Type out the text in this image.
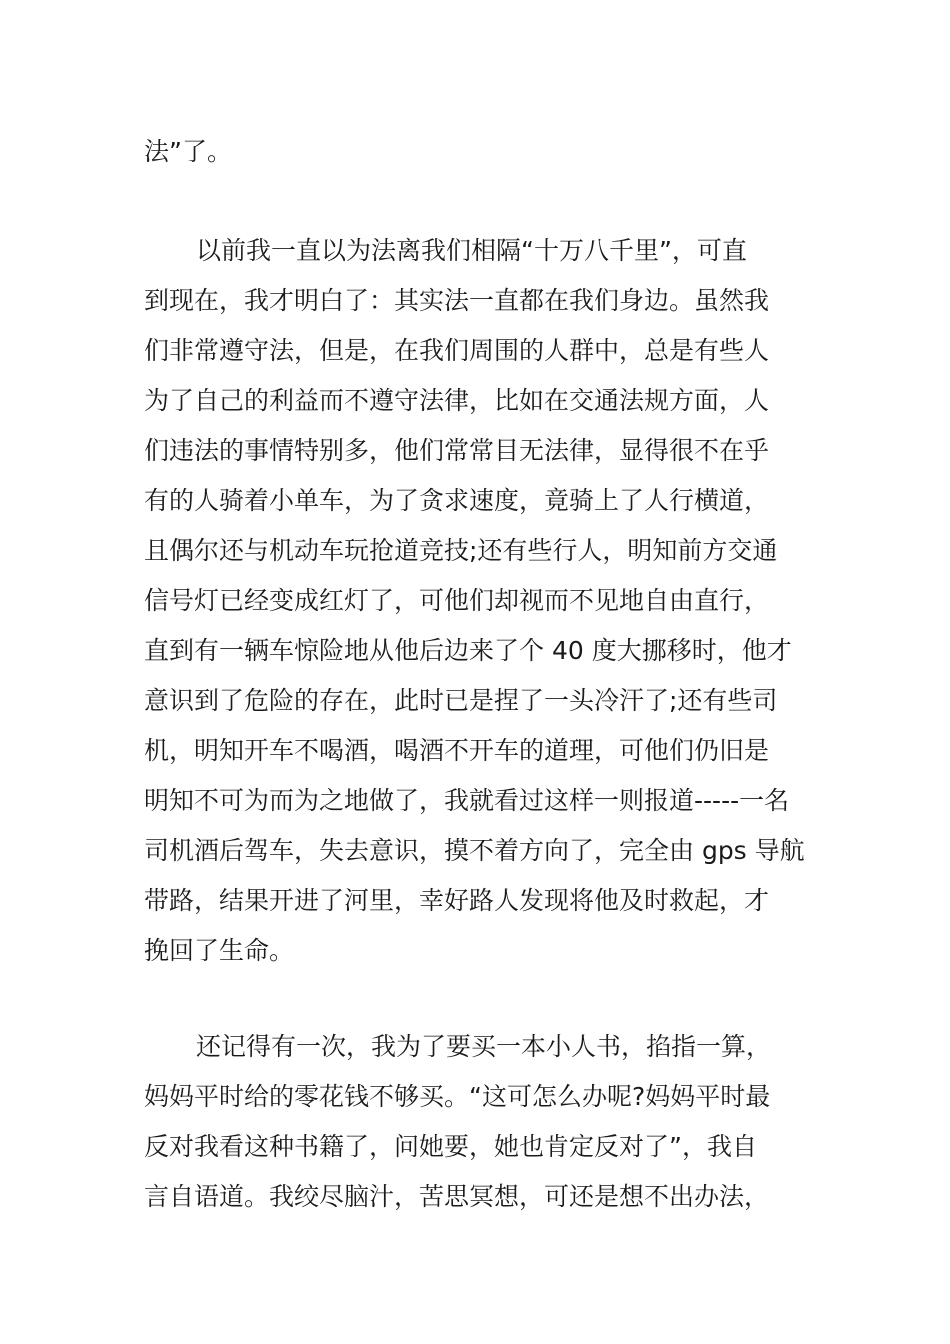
法”了。
以前我一直以为法离我们相隔“十万八千里”，可直
到现在，我才明白了：其实法一直都在我们身边。虽然我
们非常遵守法，但是，在我们周围的人群中，总是有些人
为了自己的利益而不遵守法律，比如在交通法规方面，人
们违法的事情特别多，他们常常目无法律，显得很不在乎
有的人骑着小单车，为了贪求速度，竟骑上了人行横道，
且偶尔还与机动车玩抢道竞技;还有些行人，明知前方交通
信号灯已经变成红灯了，可他们却视而不见地自由直行，
直到有一辆车惊险地从他后边来了个 40 度大挪移时，他才
意识到了危险的存在，此时已是捏了一头冷汗了;还有些司
机，明知开车不喝酒，喝酒不开车的道理，可他们仍旧是
明知不可为而为之地做了，我就看过这样一则报道-----一名
司机酒后驾车，失去意识，摸不着方向了，完全由 gps 导航
带路，结果开进了河里，幸好路人发现将他及时救起，才
挽回了生命。
还记得有一次，我为了要买一本小人书，掐指一算，
妈妈平时给的零花钱不够买。“这可怎么办呢?妈妈平时最
反对我看这种书籍了，问她要，她也肯定反对了”，我自
言自语道。我绞尽脑汁，苦思冥想，可还是想不出办法，
